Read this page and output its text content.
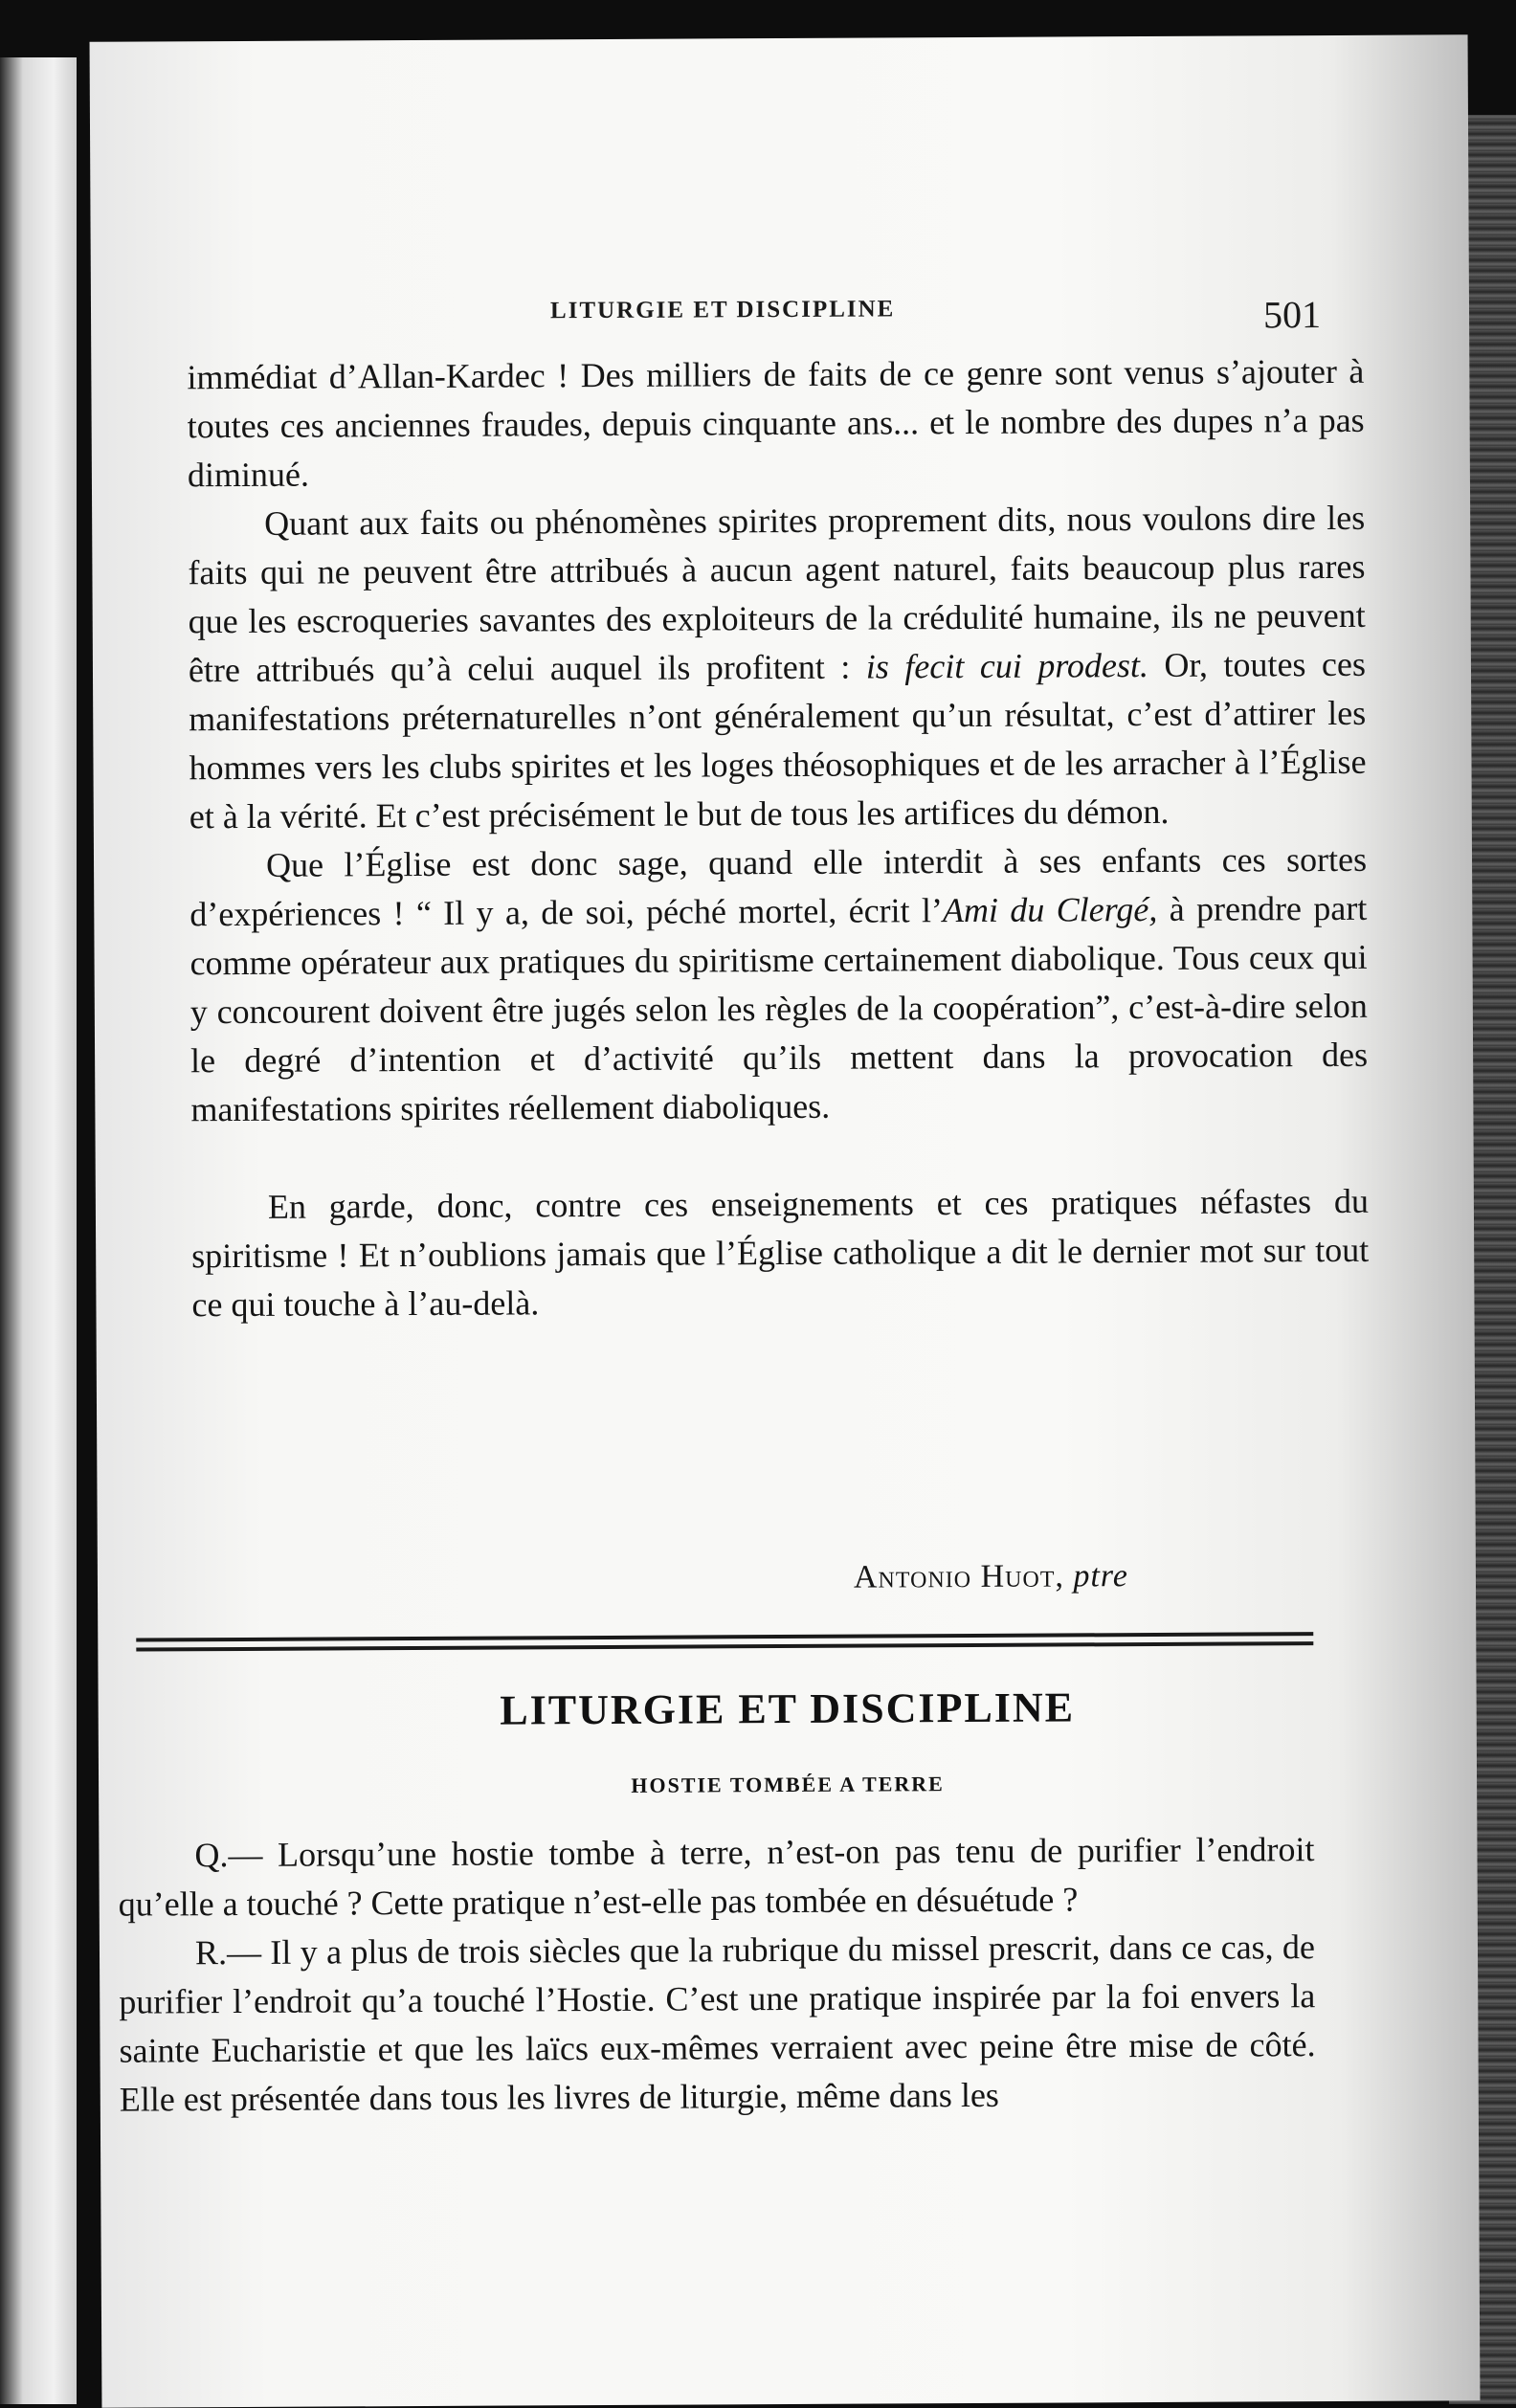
LITURGIE ET DISCIPLINE	501

immédiat d’Allan-Kardec ! Des milliers de faits de ce genre sont venus s’ajouter à toutes ces anciennes fraudes, depuis cinquante ans... et le nombre des dupes n’a pas diminué.

Quant aux faits ou phénomènes spirites proprement dits, nous voulons dire les faits qui ne peuvent être attribués à aucun agent naturel, faits beaucoup plus rares que les escroqueries savantes des exploiteurs de la crédulité humaine, ils ne peuvent être attribués qu’à celui auquel ils profitent : is fecit cui prodest. Or, toutes ces manifestations préternaturelles n’ont généralement qu’un résultat, c’est d’attirer les hommes vers les clubs spirites et les loges théosophiques et de les arracher à l’Église et à la vérité. Et c’est précisément le but de tous les artifices du démon.

Que l’Église est donc sage, quand elle interdit à ses enfants ces sortes d’expériences ! “ Il y a, de soi, péché mortel, écrit l’Ami du Clergé, à prendre part comme opérateur aux pratiques du spiritisme certainement diabolique. Tous ceux qui y concourent doivent être jugés selon les règles de la coopération”, c’est-à-dire selon le degré d’intention et d’activité qu’ils mettent dans la provocation des manifestations spirites réellement diaboliques.

En garde, donc, contre ces enseignements et ces pratiques néfastes du spiritisme ! Et n’oublions jamais que l’Église catholique a dit le dernier mot sur tout ce qui touche à l’au-delà.

Antonio Huot, ptre
LITURGIE ET DISCIPLINE
HOSTIE TOMBÉE A TERRE

Q.— Lorsqu’une hostie tombe à terre, n’est-on pas tenu de purifier l’endroit qu’elle a touché ? Cette pratique n’est-elle pas tombée en désuétude ?

R.— Il y a plus de trois siècles que la rubrique du missel prescrit, dans ce cas, de purifier l’endroit qu’a touché l’Hostie. C’est une pratique inspirée par la foi envers la sainte Eucharistie et que les laïcs eux-mêmes verraient avec peine être mise de côté. Elle est présentée dans tous les livres de liturgie, même dans les
